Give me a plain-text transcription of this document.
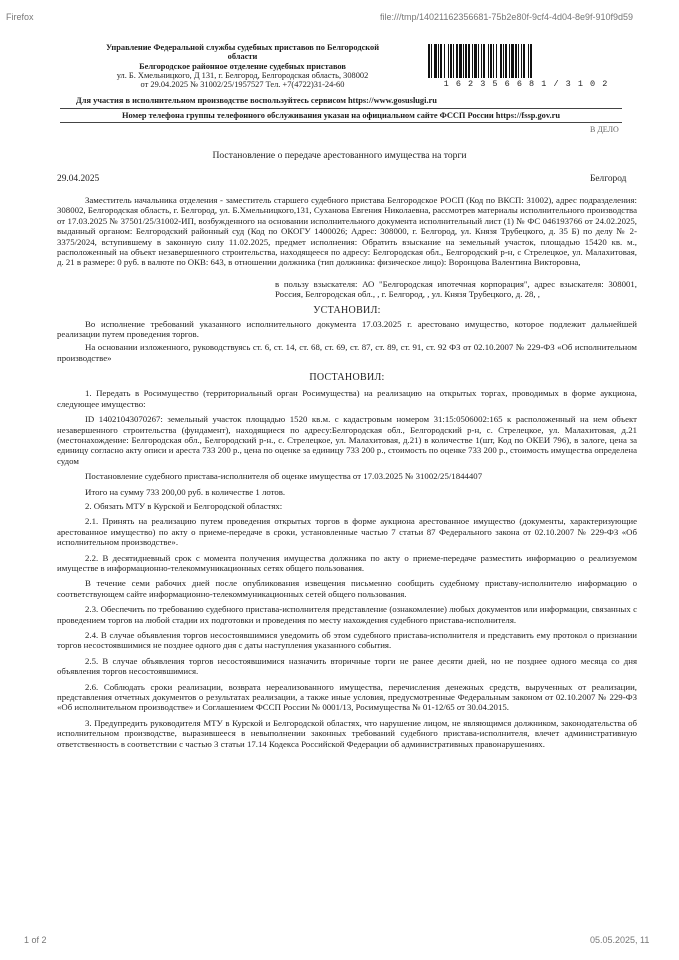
Firefox	file:///tmp/14021162356681-75b2e80f-9cf4-4d04-8e9f-910f9d59
1 of 2	05.05.2025, 11
Управление Федеральной службы судебных приставов по Белгородской
области
Белгородское районное отделение судебных приставов
ул. Б. Хмельницкого, Д 131, г. Белгород, Белгородская область, 308002
от 29.04.2025 № 31002/25/1957527 Тел. +7(4722)31-24-60	1 6 2 3 5 6 6 8 1 / 3 1 0 2
Для участия в исполнительном производстве воспользуйтесь сервисом https://www.gosuslugi.ru
Номер телефона группы телефонного обслуживания указан на официальном сайте ФССП России https://fssp.gov.ru
В ДЕЛО
Постановление о передаче арестованного имущества на торги
29.04.2025	Белгород
Заместитель начальника отделения - заместитель старшего судебного пристава Белгородское РОСП (Код по ВКСП: 31002), адрес подразделения: 308002, Белгородская область, г. Белгород, ул. Б.Хмельницкого,131, Суханова Евгения Николаевна, рассмотрев материалы исполнительного производства от 17.03.2025 № 37501/25/31002-ИП, возбужденного на основании исполнительного документа исполнительный лист (1) № ФС 046193766 от 24.02.2025, выданный органом: Белгородский районный суд (Код по ОКОГУ 1400026; Адрес: 308000, г. Белгород, ул. Князя Трубецкого, д. 35 Б) по делу № 2-3375/2024, вступившему в законную силу 11.02.2025, предмет исполнения: Обратить взыскание на земельный участок, площадью 15420 кв. м., расположенный на объект незавершенного строительства, находящееся по адресу: Белгородская обл., Белгородский р-н, с Стрелецкое, ул. Малахитовая, д. 21 в размере: 0 руб. в валюте по ОКВ: 643, в отношении должника (тип должника: физическое лицо): Воронцова Валентина Викторовна,
в пользу взыскателя: АО "Белгородская ипотечная корпорация", адрес взыскателя: 308001, Россия, Белгородская обл., , г. Белгород, , ул. Князя Трубецкого, д. 28, ,
УСТАНОВИЛ:
Во исполнение требований указанного исполнительного документа 17.03.2025 г. арестовано имущество, которое подлежит дальнейшей реализации путем проведения торгов.
На основании изложенного, руководствуясь ст. 6, ст. 14, ст. 68, ст. 69, ст. 87, ст. 89, ст. 91, ст. 92 ФЗ от 02.10.2007 № 229-ФЗ «Об исполнительном производстве»
ПОСТАНОВИЛ:
1. Передать в Росимущество (территориальный орган Росимущества) на реализацию на открытых торгах, проводимых в форме аукциона, следующее имущество:
ID 14021043070267: земельный участок площадью 1520 кв.м. с кадастровым номером 31:15:0506002:165 к расположенный на нем объект незавершенного строительства (фундамент), находящиеся по адресу:Белгородская обл., Белгородский р-н, с. Стрелецкое, ул. Малахитовая, д.21 (местонахождение: Белгородская обл., Белгородский р-н., с. Стрелецкое, ул. Малахитовая, д.21) в количестве 1(шт, Код по ОКЕИ 796), в залоге, цена за единицу согласно акту описи и ареста 733 200 р., цена по оценке за единицу 733 200 р., стоимость по оценке 733 200 р., стоимость имущества определена судом
Постановление судебного пристава-исполнителя об оценке имущества от 17.03.2025 № 31002/25/1844407
Итого на сумму 733 200,00 руб. в количестве 1 лотов.
2. Обязать МТУ в Курской и Белгородской областях:
2.1. Принять на реализацию путем проведения открытых торгов в форме аукциона арестованное имущество (документы, характеризующие арестованное имущество) по акту о приеме-передаче в сроки, установленные частью 7 статьи 87 Федерального закона от 02.10.2007 № 229-ФЗ «Об исполнительном производстве».
2.2. В десятидневный срок с момента получения имущества должника по акту о приеме-передаче разместить информацию о реализуемом имуществе в информационно-телекоммуникационных сетях общего пользования.
В течение семи рабочих дней после опубликования извещения письменно сообщить судебному приставу-исполнителю информацию о соответствующем сайте информационно-телекоммуникационных сетей общего пользования.
2.3. Обеспечить по требованию судебного пристава-исполнителя представление (ознакомление) любых документов или информации, связанных с проведением торгов на любой стадии их подготовки и проведения по месту нахождения судебного пристава-исполнителя.
2.4. В случае объявления торгов несостоявшимися уведомить об этом судебного пристава-исполнителя и представить ему протокол о признании торгов несостоявшимися не позднее одного дня с даты наступления указанного события.
2.5. В случае объявления торгов несостоявшимися назначить вторичные торги не ранее десяти дней, но не позднее одного месяца со дня объявления торгов несостоявшимися.
2.6. Соблюдать сроки реализации, возврата нереализованного имущества, перечисления денежных средств, вырученных от реализации, представления отчетных документов о результатах реализации, а также иные условия, предусмотренные Федеральным законом от 02.10.2007 № 229-ФЗ «Об исполнительном производстве» и Соглашением ФССП России № 0001/13, Росимущества № 01-12/65 от 30.04.2015.
3. Предупредить руководителя МТУ в Курской и Белгородской областях, что нарушение лицом, не являющимся должником, законодательства об исполнительном производстве, выразившееся в невыполнении законных требований судебного пристава-исполнителя, влечет административную ответственность в соответствии с частью 3 статьи 17.14 Кодекса Российской Федерации об административных правонарушениях.
